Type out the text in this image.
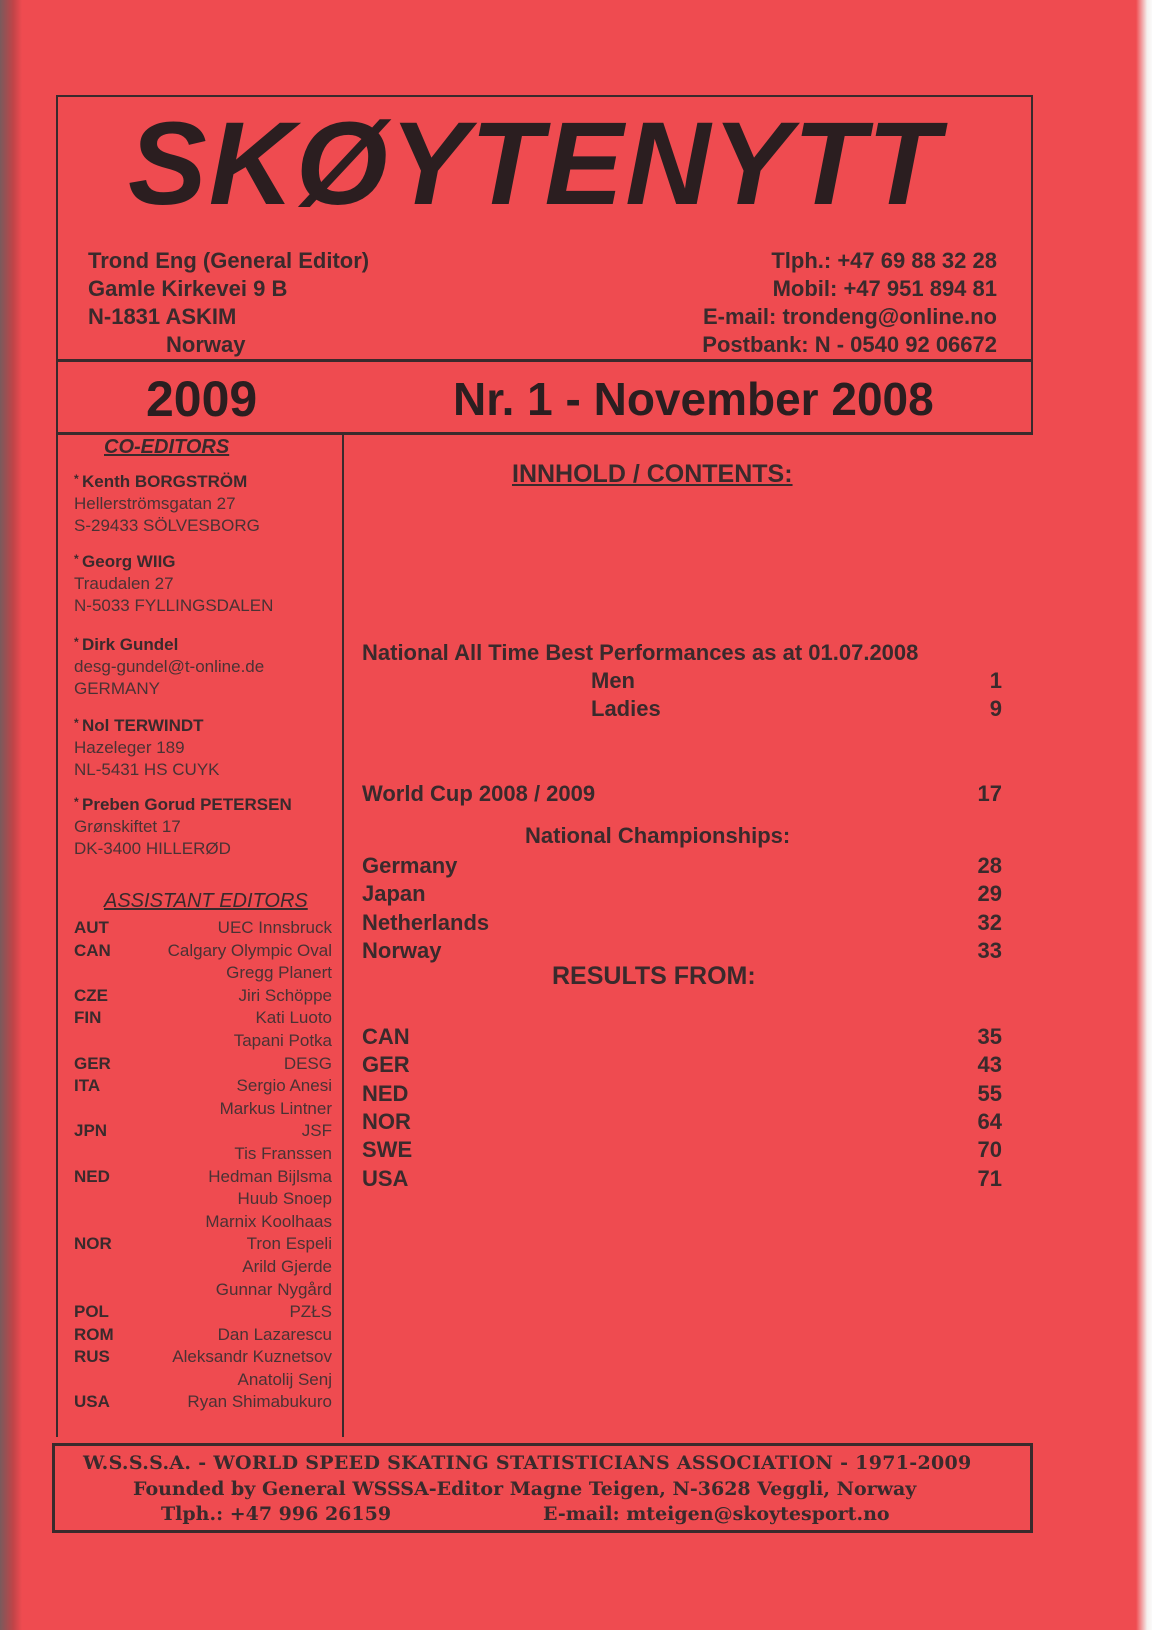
SKØYTENYTT
Trond Eng (General Editor)
Gamle Kirkevei 9 B
N-1831 ASKIM
Norway
Tlph.: +47 69 88 32 28
Mobil: +47 951 894 81
E-mail: trondeng@online.no
Postbank: N - 0540 92 06672
2009	Nr. 1 - November 2008
CO-EDITORS
* Kenth BORGSTRÖM
Hellerströmsgatan 27
S-29433 SÖLVESBORG
* Georg WIIG
Traudalen 27
N-5033 FYLLINGSDALEN
* Dirk Gundel
desg-gundel@t-online.de
GERMANY
* Nol TERWINDT
Hazeleger 189
NL-5431 HS CUYK
* Preben Gorud PETERSEN
Grønskiftet 17
DK-3400 HILLERØD
ASSISTANT EDITORS
AUT	UEC Innsbruck
CAN	Calgary Olympic Oval
Gregg Planert
CZE	Jiri Schöppe
FIN	Kati Luoto
Tapani Potka
GER	DESG
ITA	Sergio Anesi
Markus Lintner
JPN	JSF
Tis Franssen
NED	Hedman Bijlsma
Huub Snoep
Marnix Koolhaas
NOR	Tron Espeli
Arild Gjerde
Gunnar Nygård
POL	PZŁS
ROM	Dan Lazarescu
RUS	Aleksandr Kuznetsov
Anatolij Senj
USA	Ryan Shimabukuro
INNHOLD / CONTENTS:
National All Time Best Performances as at 01.07.2008
Men	1
Ladies	9
World Cup 2008 / 2009	17
National Championships:
RESULTS FROM:
Germany	28
Japan	29
Netherlands	32
Norway	33
CAN	35
GER	43
NED	55
NOR	64
SWE	70
USA	71
W.S.S.S.A. - WORLD SPEED SKATING STATISTICIANS ASSOCIATION - 1971-2009
Founded by General WSSSA-Editor Magne Teigen, N-3628 Veggli, Norway
Tlph.: +47 996 26159	E-mail: mteigen@skoytesport.no
